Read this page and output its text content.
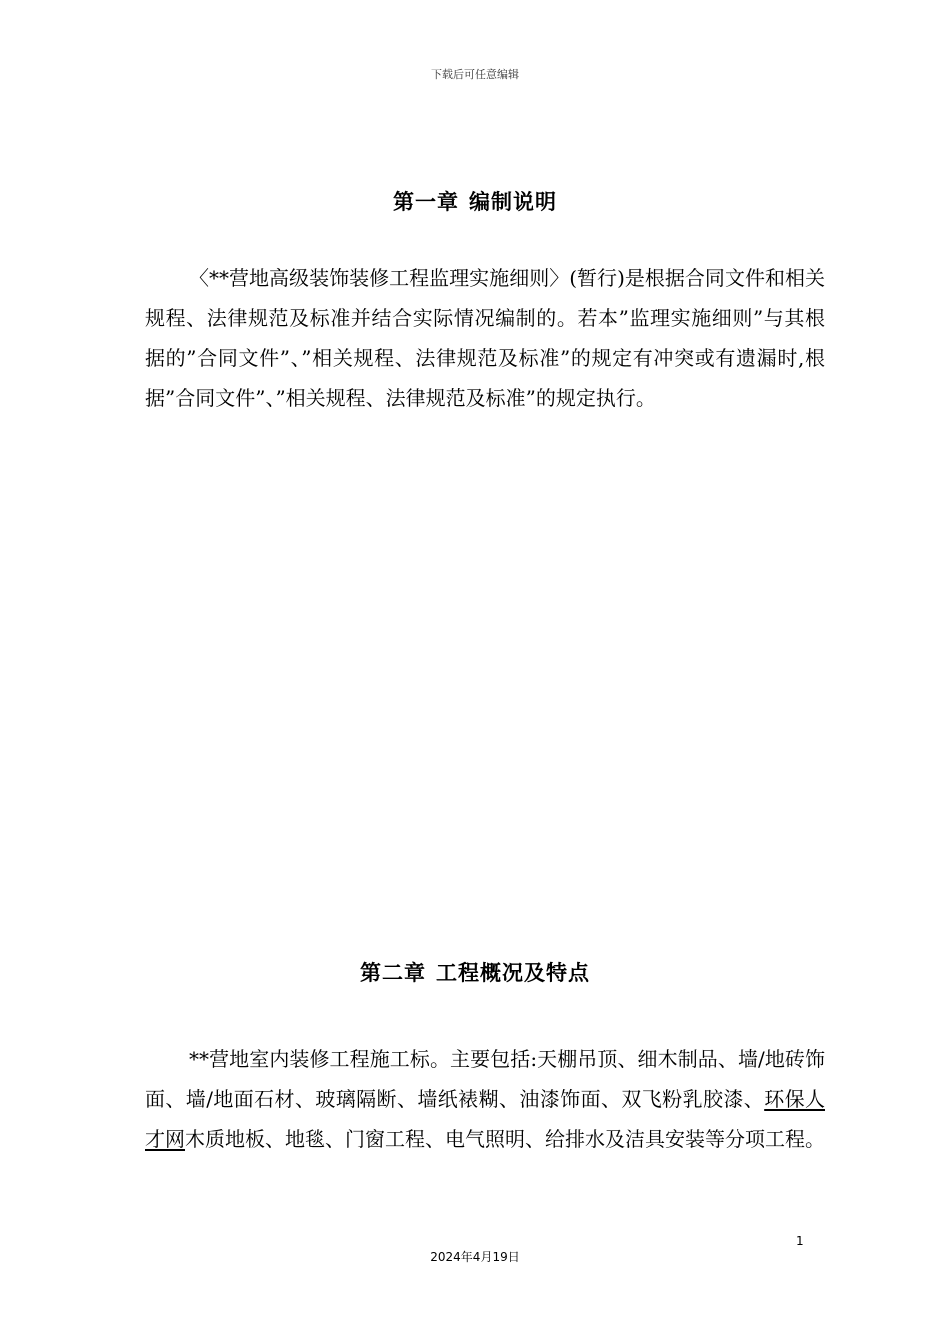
下载后可任意编辑
第一章 编制说明
〈**营地高级装饰装修工程监理实施细则〉(暂行)是根据合同文件和相关规程、法律规范及标准并结合实际情况编制的。若本”监理实施细则”与其根据的”合同文件”、”相关规程、法律规范及标准”的规定有冲突或有遗漏时,根据”合同文件”、”相关规程、法律规范及标准”的规定执行。
第二章 工程概况及特点
**营地室内装修工程施工标。主要包括:天棚吊顶、细木制品、墙/地砖饰面、墙/地面石材、玻璃隔断、墙纸裱糊、油漆饰面、双飞粉乳胶漆、环保人才网木质地板、地毯、门窗工程、电气照明、给排水及洁具安装等分项工程。
1
2024年4月19日
